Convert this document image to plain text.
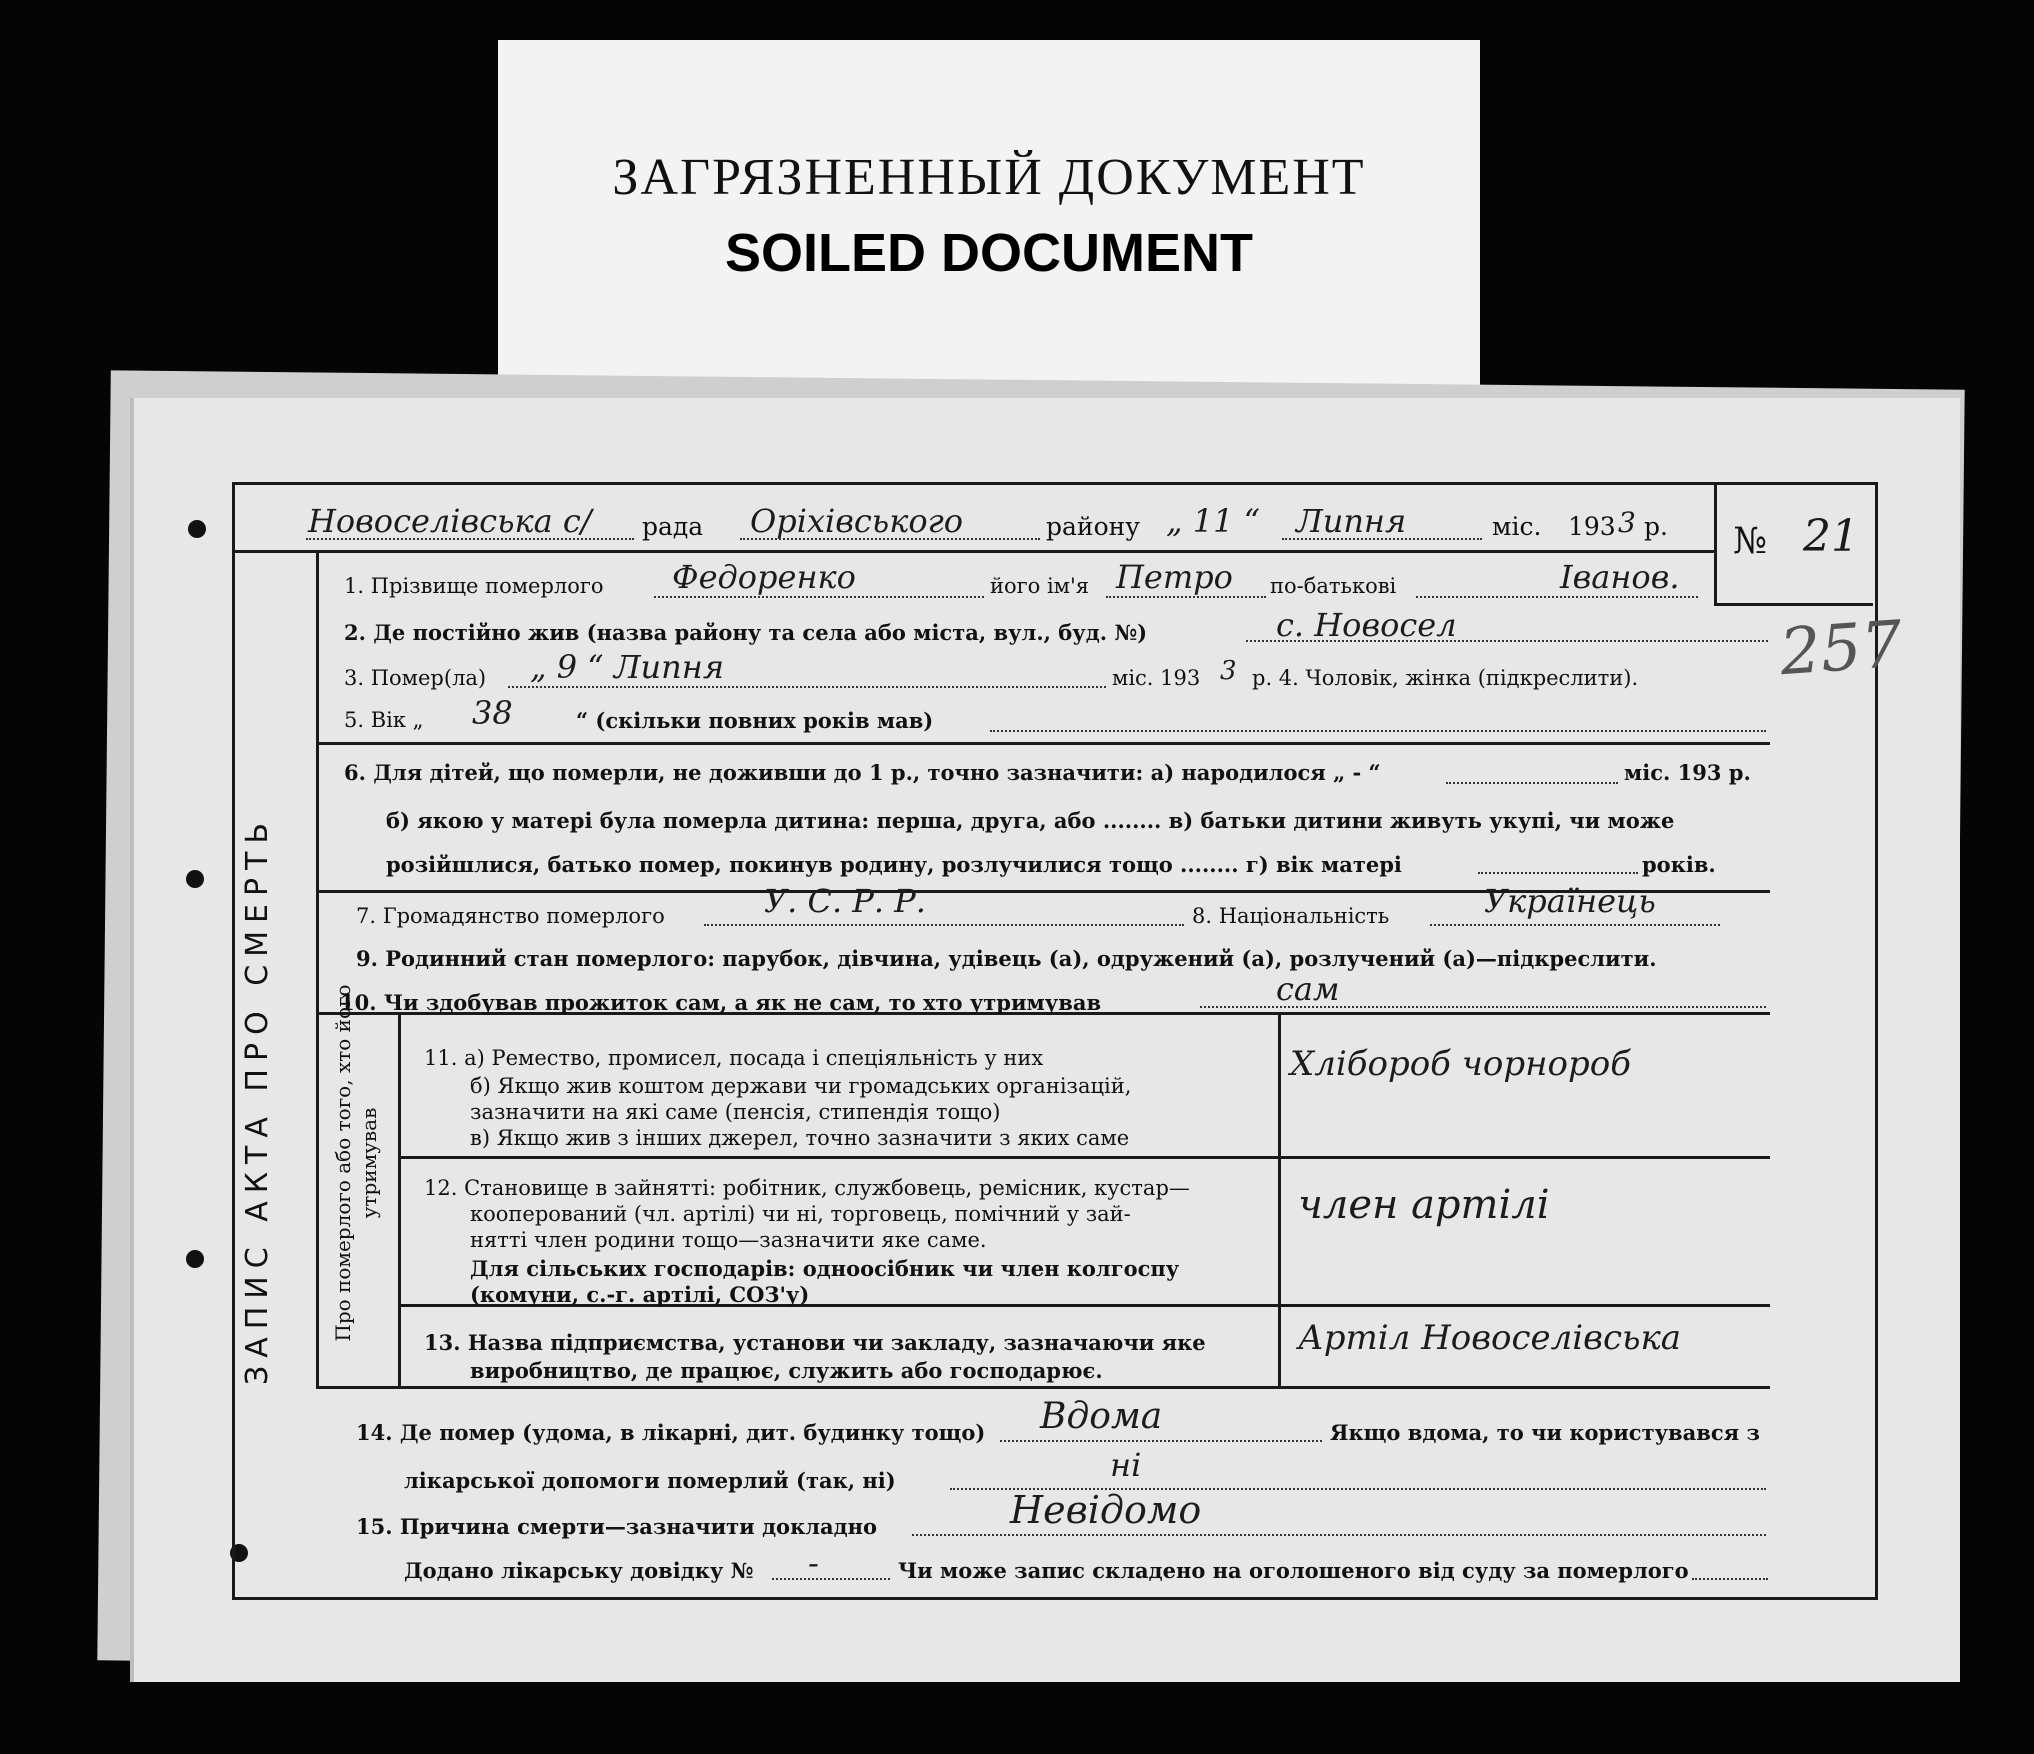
ЗАГРЯЗНЕННЫЙ ДОКУМЕНТ
SOILED DOCUMENT
№ 21
257
ЗАПИС АКТА ПРО СМЕРТЬ	Про померлого або того, хто його утримував
Новоселівська с/ рада Оріхівського	району „ 11 “ Липня	міс. 193 3 р.
1. Прізвище померлого Федоренко	його ім'я Петро по-батькові	Іванов.
2. Де постійно жив (назва району та села або міста, вул., буд. №)	с. Новосел
3. Помер(ла) „ 9 “ Липня	міс. 193 3 р. 4. Чоловік, жінка (підкреслити).
5. Вік „ 38	“ (скільки повних років мав)
6. Для дітей, що померли, не доживши до 1 р., точно зазначити: а) народилося „ - “	міс. 193 р.
б) якою у матері була померла дитина: перша, друга, або ........ в) батьки дитини живуть укупі, чи може
розійшлися, батько помер, покинув родину, розлучилися тощо ........ г) вік матері	років.
7. Громадянство померлого	У. С. Р. Р.	8. Національність	Українець
9. Родинний стан померлого: парубок, дівчина, удівець (а), одружений (а), розлучений (а)—підкреслити.
10. Чи здобував прожиток сам, а як не сам, то хто утримував	сам
11. а) Ремество, промисел, посада і спеціяльність у них
б) Якщо жив коштом держави чи громадських організацій,
зазначити на які саме (пенсія, стипендія тощо)
в) Якщо жив з інших джерел, точно зазначити з яких саме
Хлібороб чорнороб
12. Становище в зайнятті: робітник, службовець, ремісник, кустар—
кооперований (чл. артілі) чи ні, торговець, помічний у зай-
нятті член родини тощо—зазначити яке саме.
Для сільських господарів: одноосібник чи член колгоспу
(комуни, с.-г. артілі, СОЗ'у)
член артілі
13. Назва підприємства, установи чи закладу, зазначаючи яке
виробництво, де працює, служить або господарює.
Артіл Новоселівська
14. Де помер (удома, в лікарні, дит. будинку тощо) Вдома	Якщо вдома, то чи користувався з
лікарської допомоги померлий (так, ні)	ні
15. Причина смерти—зазначити докладно	Невідомо
Додано лікарську довідку № -	Чи може запис складено на оголошеного від суду за померлого
